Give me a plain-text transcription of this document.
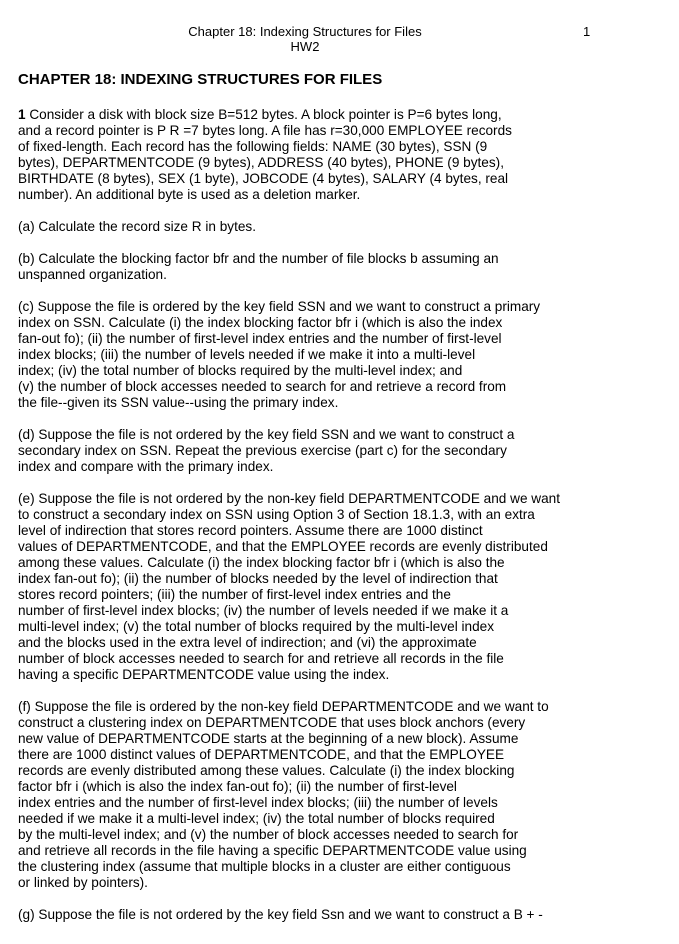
Chapter 18: Indexing Structures for Files
HW2
1
CHAPTER 18: INDEXING STRUCTURES FOR FILES
1 Consider a disk with block size B=512 bytes. A block pointer is P=6 bytes long,
and a record pointer is P R =7 bytes long. A file has r=30,000 EMPLOYEE records
of fixed-length. Each record has the following fields: NAME (30 bytes), SSN (9
bytes), DEPARTMENTCODE (9 bytes), ADDRESS (40 bytes), PHONE (9 bytes),
BIRTHDATE (8 bytes), SEX (1 byte), JOBCODE (4 bytes), SALARY (4 bytes, real
number). An additional byte is used as a deletion marker.
(a) Calculate the record size R in bytes.
(b) Calculate the blocking factor bfr and the number of file blocks b assuming an
unspanned organization.
(c) Suppose the file is ordered by the key field SSN and we want to construct a primary
index on SSN. Calculate (i) the index blocking factor bfr i (which is also the index
fan-out fo); (ii) the number of first-level index entries and the number of first-level
index blocks; (iii) the number of levels needed if we make it into a multi-level
index; (iv) the total number of blocks required by the multi-level index; and
(v) the number of block accesses needed to search for and retrieve a record from
the file--given its SSN value--using the primary index.
(d) Suppose the file is not ordered by the key field SSN and we want to construct a
secondary index on SSN. Repeat the previous exercise (part c) for the secondary
index and compare with the primary index.
(e) Suppose the file is not ordered by the non-key field DEPARTMENTCODE and we want
to construct a secondary index on SSN using Option 3 of Section 18.1.3, with an extra
level of indirection that stores record pointers. Assume there are 1000 distinct
values of DEPARTMENTCODE, and that the EMPLOYEE records are evenly distributed
among these values. Calculate (i) the index blocking factor bfr i (which is also the
index fan-out fo); (ii) the number of blocks needed by the level of indirection that
stores record pointers; (iii) the number of first-level index entries and the
number of first-level index blocks; (iv) the number of levels needed if we make it a
multi-level index; (v) the total number of blocks required by the multi-level index
and the blocks used in the extra level of indirection; and (vi) the approximate
number of block accesses needed to search for and retrieve all records in the file
having a specific DEPARTMENTCODE value using the index.
(f) Suppose the file is ordered by the non-key field DEPARTMENTCODE and we want to
construct a clustering index on DEPARTMENTCODE that uses block anchors (every
new value of DEPARTMENTCODE starts at the beginning of a new block). Assume
there are 1000 distinct values of DEPARTMENTCODE, and that the EMPLOYEE
records are evenly distributed among these values. Calculate (i) the index blocking
factor bfr i (which is also the index fan-out fo); (ii) the number of first-level
index entries and the number of first-level index blocks; (iii) the number of levels
needed if we make it a multi-level index; (iv) the total number of blocks required
by the multi-level index; and (v) the number of block accesses needed to search for
and retrieve all records in the file having a specific DEPARTMENTCODE value using
the clustering index (assume that multiple blocks in a cluster are either contiguous
or linked by pointers).
(g) Suppose the file is not ordered by the key field Ssn and we want to construct a B + -
